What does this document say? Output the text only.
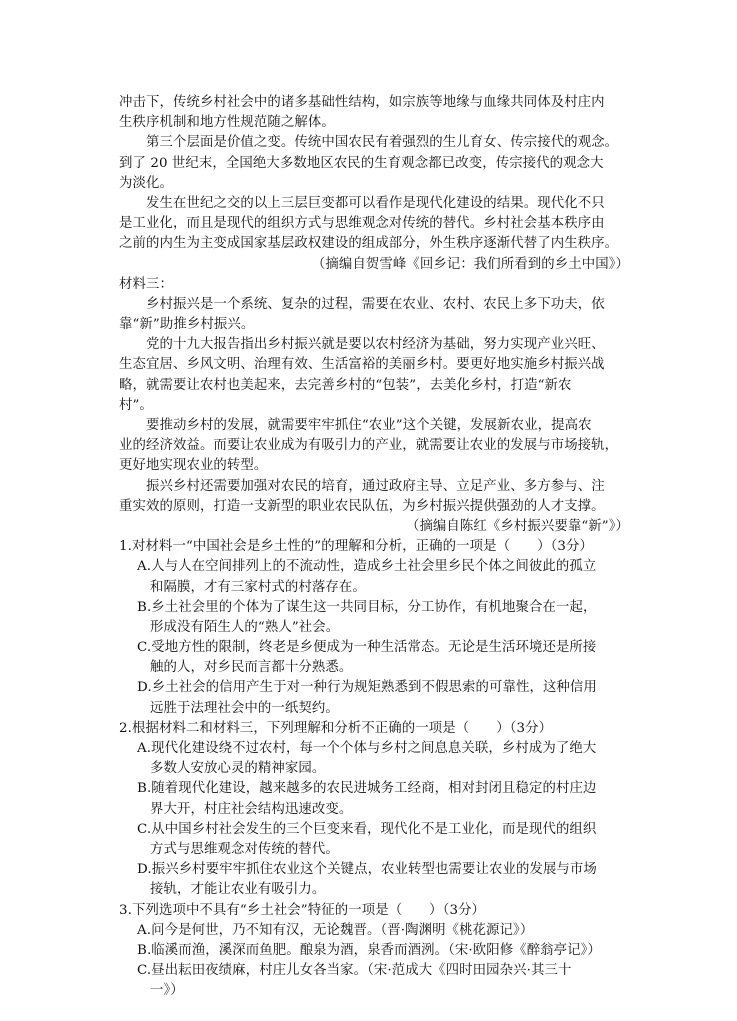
冲击下，传统乡村社会中的诸多基础性结构，如宗族等地缘与血缘共同体及村庄内
生秩序机制和地方性规范随之解体。
第三个层面是价值之变。传统中国农民有着强烈的生儿育女、传宗接代的观念。
到了 20 世纪末，全国绝大多数地区农民的生育观念都已改变，传宗接代的观念大
为淡化。
发生在世纪之交的以上三层巨变都可以看作是现代化建设的结果。现代化不只
是工业化，而且是现代的组织方式与思维观念对传统的替代。乡村社会基本秩序由
之前的内生为主变成国家基层政权建设的组成部分，外生秩序逐渐代替了内生秩序。
（摘编自贺雪峰《回乡记：我们所看到的乡土中国》）
材料三：
乡村振兴是一个系统、复杂的过程，需要在农业、农村、农民上多下功夫，依
靠“新”助推乡村振兴。
党的十九大报告指出乡村振兴就是要以农村经济为基础，努力实现产业兴旺、
生态宜居、乡风文明、治理有效、生活富裕的美丽乡村。要更好地实施乡村振兴战
略，就需要让农村也美起来，去完善乡村的“包装”，去美化乡村，打造“新农
村”。
要推动乡村的发展，就需要牢牢抓住“农业”这个关键，发展新农业，提高农
业的经济效益。而要让农业成为有吸引力的产业，就需要让农业的发展与市场接轨，
更好地实现农业的转型。
振兴乡村还需要加强对农民的培育，通过政府主导、立足产业、多方参与、注
重实效的原则，打造一支新型的职业农民队伍，为乡村振兴提供强劲的人才支撑。
（摘编自陈红《乡村振兴要靠“新”》）
1.对材料一“中国社会是乡土性的”的理解和分析，正确的一项是（　　）（3分）
A.人与人在空间排列上的不流动性，造成乡土社会里乡民个体之间彼此的孤立
和隔膜，才有三家村式的村落存在。
B.乡土社会里的个体为了谋生这一共同目标，分工协作，有机地聚合在一起，
形成没有陌生人的“熟人”社会。
C.受地方性的限制，终老是乡便成为一种生活常态。无论是生活环境还是所接
触的人，对乡民而言都十分熟悉。
D.乡土社会的信用产生于对一种行为规矩熟悉到不假思索的可靠性，这种信用
远胜于法理社会中的一纸契约。
2.根据材料二和材料三，下列理解和分析不正确的一项是（　　）（3分）
A.现代化建设绕不过农村，每一个个体与乡村之间息息关联，乡村成为了绝大
多数人安放心灵的精神家园。
B.随着现代化建设，越来越多的农民进城务工经商，相对封闭且稳定的村庄边
界大开，村庄社会结构迅速改变。
C.从中国乡村社会发生的三个巨变来看，现代化不是工业化，而是现代的组织
方式与思维观念对传统的替代。
D.振兴乡村要牢牢抓住农业这个关键点，农业转型也需要让农业的发展与市场
接轨，才能让农业有吸引力。
3.下列选项中不具有“乡土社会”特征的一项是（　　）（3分）
A.问今是何世，乃不知有汉，无论魏晋。（晋·陶渊明《桃花源记》）
B.临溪而渔，溪深而鱼肥。酿泉为酒，泉香而酒洌。（宋·欧阳修《醉翁亭记》）
C.昼出耘田夜绩麻，村庄儿女各当家。（宋·范成大《四时田园杂兴·其三十
一》）
